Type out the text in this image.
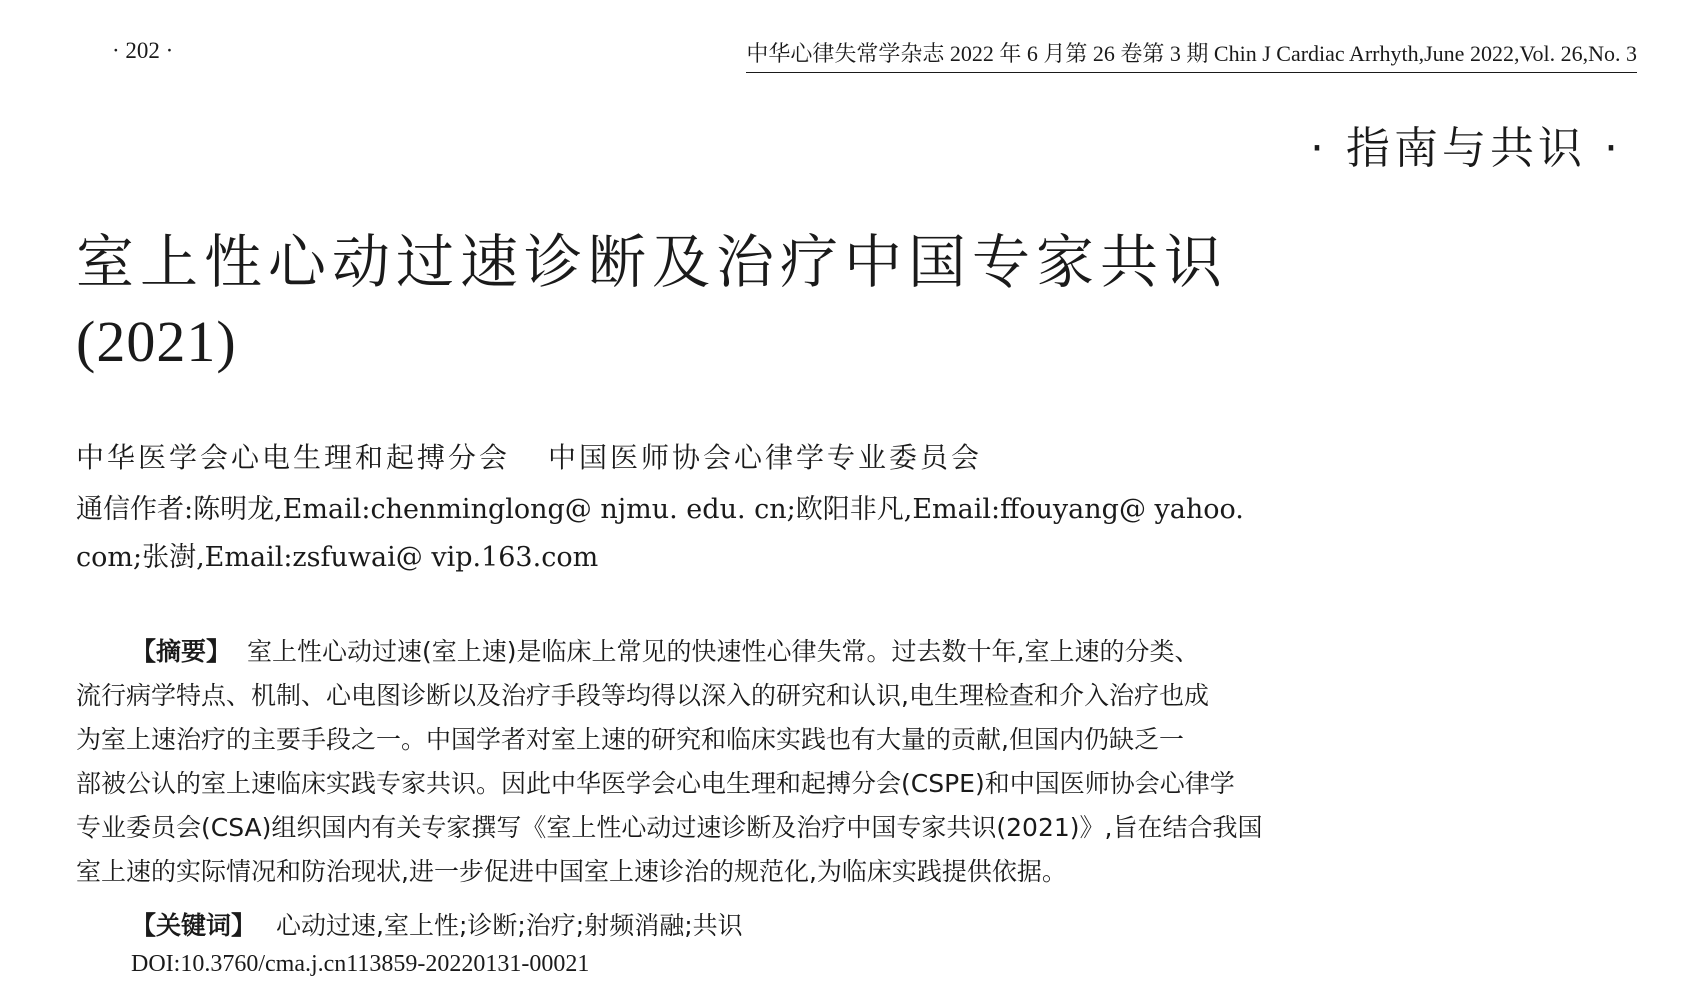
· 202 ·	中华心律失常学杂志 2022 年 6 月第 26 卷第 3 期 Chin J Cardiac Arrhyth,June 2022,Vol. 26,No. 3
· 指南与共识 ·
室上性心动过速诊断及治疗中国专家共识
(2021)
中华医学会心电生理和起搏分会 中国医师协会心律学专业委员会
通信作者:陈明龙,Email:chenminglong@ njmu. edu. cn;欧阳非凡,Email:ffouyang@ yahoo.
com;张澍,Email:zsfuwai@ vip.163.com
【摘要】 室上性心动过速(室上速)是临床上常见的快速性心律失常。过去数十年,室上速的分类、
流行病学特点、机制、心电图诊断以及治疗手段等均得以深入的研究和认识,电生理检查和介入治疗也成
为室上速治疗的主要手段之一。中国学者对室上速的研究和临床实践也有大量的贡献,但国内仍缺乏一
部被公认的室上速临床实践专家共识。因此中华医学会心电生理和起搏分会(CSPE)和中国医师协会心律学
专业委员会(CSA)组织国内有关专家撰写《室上性心动过速诊断及治疗中国专家共识(2021)》,旨在结合我国
室上速的实际情况和防治现状,进一步促进中国室上速诊治的规范化,为临床实践提供依据。
【关键词】 心动过速,室上性;诊断;治疗;射频消融;共识
DOI:10.3760/cma.j.cn113859-20220131-00021
